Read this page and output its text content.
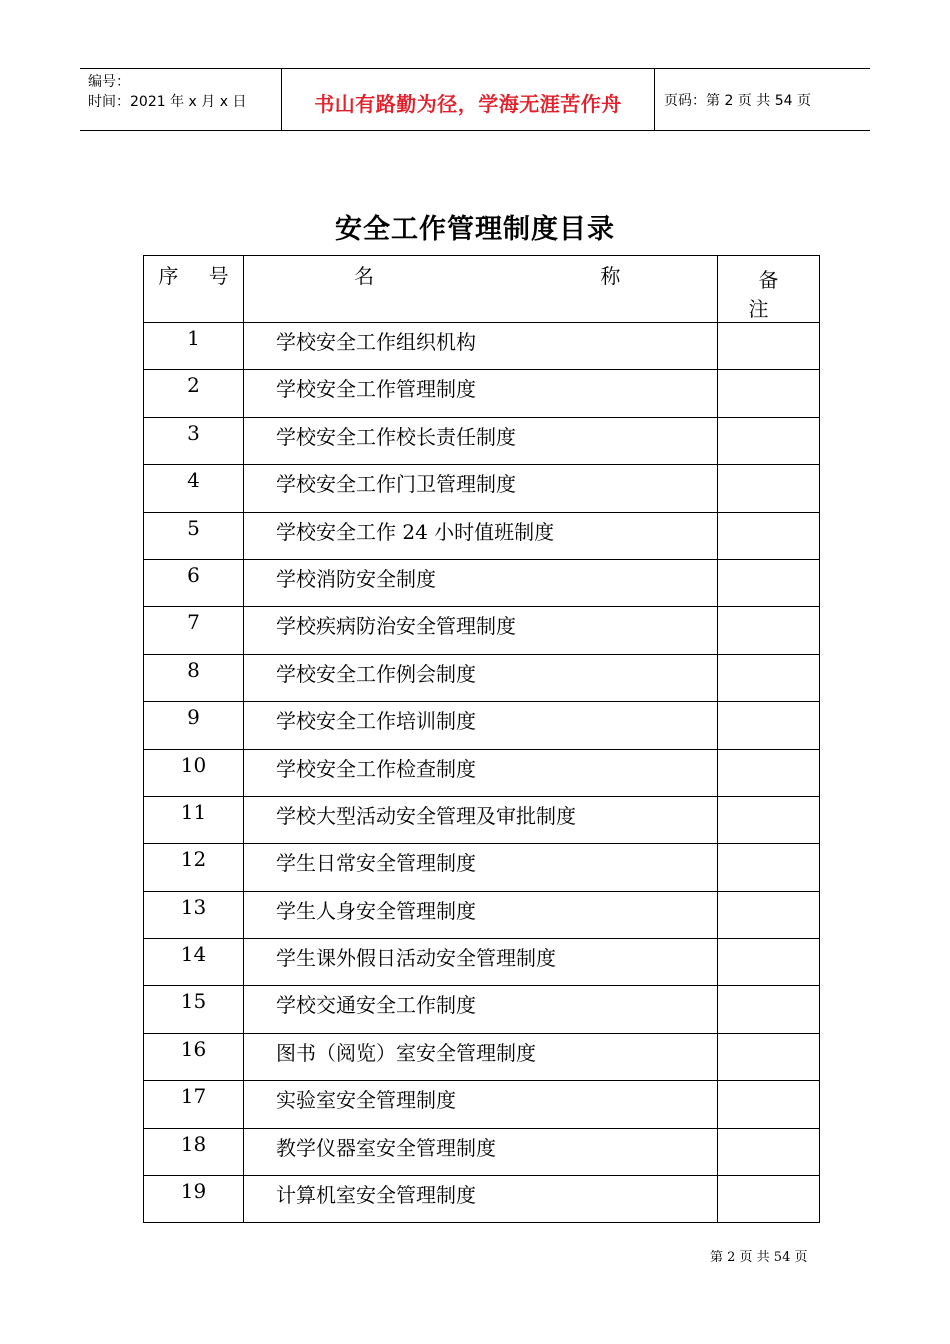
编号：
时间：2021 年 x 月 x 日	书山有路勤为径，学海无涯苦作舟	页码：第 2 页 共 54 页
安全工作管理制度目录
序 号	名 称	备 注
1	学校安全工作组织机构	
2	学校安全工作管理制度	
3	学校安全工作校长责任制度	
4	学校安全工作门卫管理制度	
5	学校安全工作 24 小时值班制度	
6	学校消防安全制度	
7	学校疾病防治安全管理制度	
8	学校安全工作例会制度	
9	学校安全工作培训制度	
10	学校安全工作检查制度	
11	学校大型活动安全管理及审批制度	
12	学生日常安全管理制度	
13	学生人身安全管理制度	
14	学生课外假日活动安全管理制度	
15	学校交通安全工作制度	
16	图书（阅览）室安全管理制度	
17	实验室安全管理制度	
18	教学仪器室安全管理制度	
19	计算机室安全管理制度	
第 2 页 共 54 页
